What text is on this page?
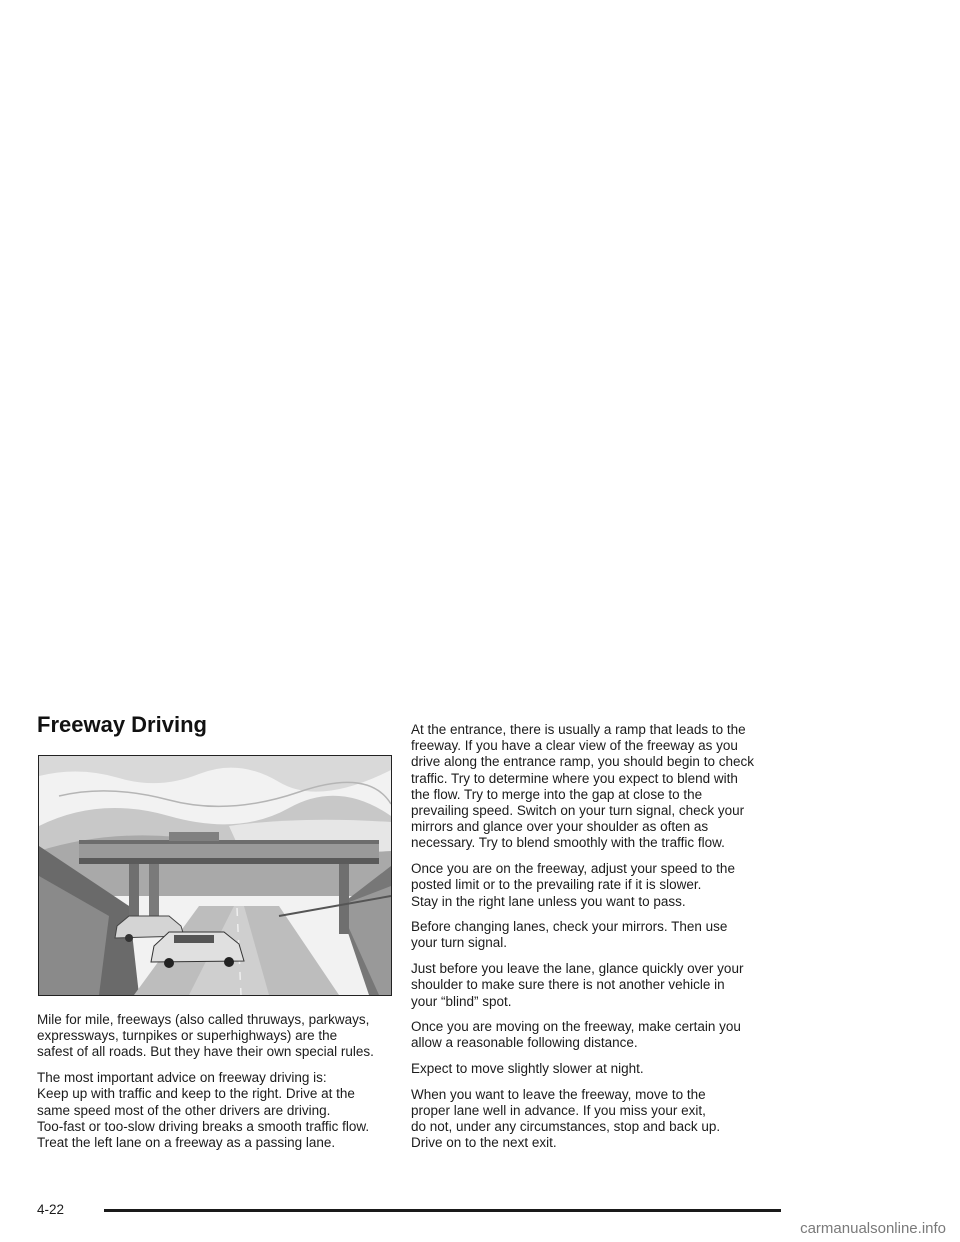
Freeway Driving

Mile for mile, freeways (also called thruways, parkways,
expressways, turnpikes or superhighways) are the
safest of all roads. But they have their own special rules.

The most important advice on freeway driving is:
Keep up with traffic and keep to the right. Drive at the
same speed most of the other drivers are driving.
Too-fast or too-slow driving breaks a smooth traffic flow.
Treat the left lane on a freeway as a passing lane.

At the entrance, there is usually a ramp that leads to the
freeway. If you have a clear view of the freeway as you
drive along the entrance ramp, you should begin to check
traffic. Try to determine where you expect to blend with
the flow. Try to merge into the gap at close to the
prevailing speed. Switch on your turn signal, check your
mirrors and glance over your shoulder as often as
necessary. Try to blend smoothly with the traffic flow.

Once you are on the freeway, adjust your speed to the
posted limit or to the prevailing rate if it is slower.
Stay in the right lane unless you want to pass.

Before changing lanes, check your mirrors. Then use
your turn signal.

Just before you leave the lane, glance quickly over your
shoulder to make sure there is not another vehicle in
your “blind” spot.

Once you are moving on the freeway, make certain you
allow a reasonable following distance.

Expect to move slightly slower at night.

When you want to leave the freeway, move to the
proper lane well in advance. If you miss your exit,
do not, under any circumstances, stop and back up.
Drive on to the next exit.

4-22
carmanualsonline.info
